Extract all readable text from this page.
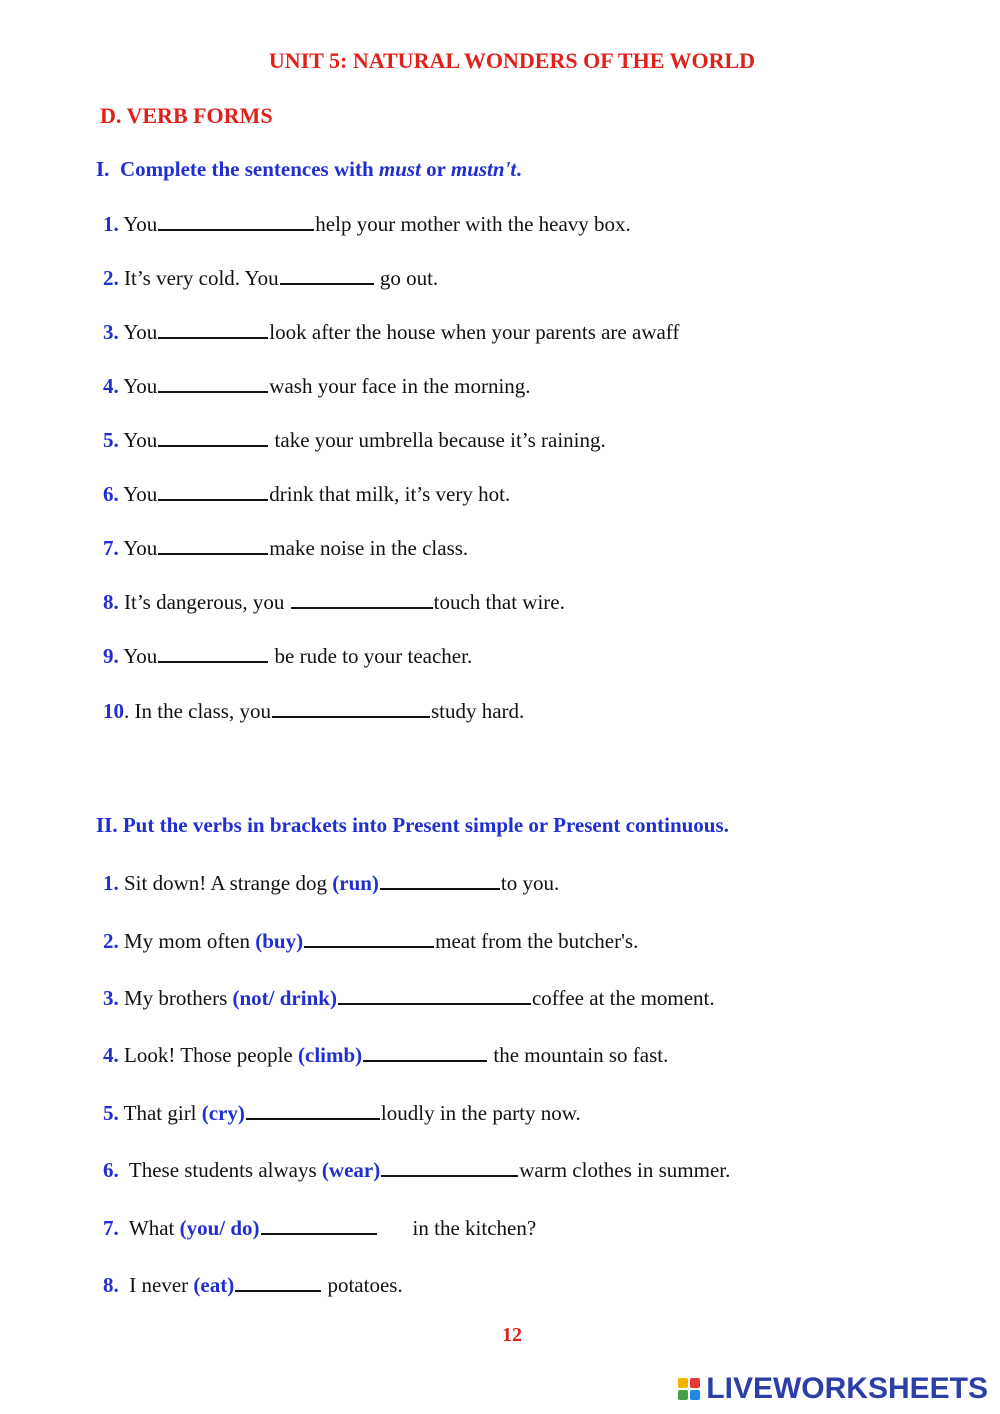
UNIT 5: NATURAL WONDERS OF THE WORLD
D. VERB FORMS
I. Complete the sentences with must or mustn't.
1. You	help your mother with the heavy box.
2. It’s very cold. You	go out.
3. You	look after the house when your parents are awaff
4. You	wash your face in the morning.
5. You	take your umbrella because it’s raining.
6. You	drink that milk, it’s very hot.
7. You	make noise in the class.
8. It’s dangerous, you	touch that wire.
9. You	be rude to your teacher.
10. In the class, you	study hard.
II. Put the verbs in brackets into Present simple or Present continuous.
1. Sit down! A strange dog (run)	to you.
2. My mom often (buy)	meat from the butcher's.
3. My brothers (not/ drink)	coffee at the moment.
4. Look! Those people (climb)	the mountain so fast.
5. That girl (cry)	loudly in the party now.
6.  These students always (wear)	warm clothes in summer.
7.  What (you/ do)	in the kitchen?
8.  I never (eat)	potatoes.
12
LIVEWORKSHEETS
